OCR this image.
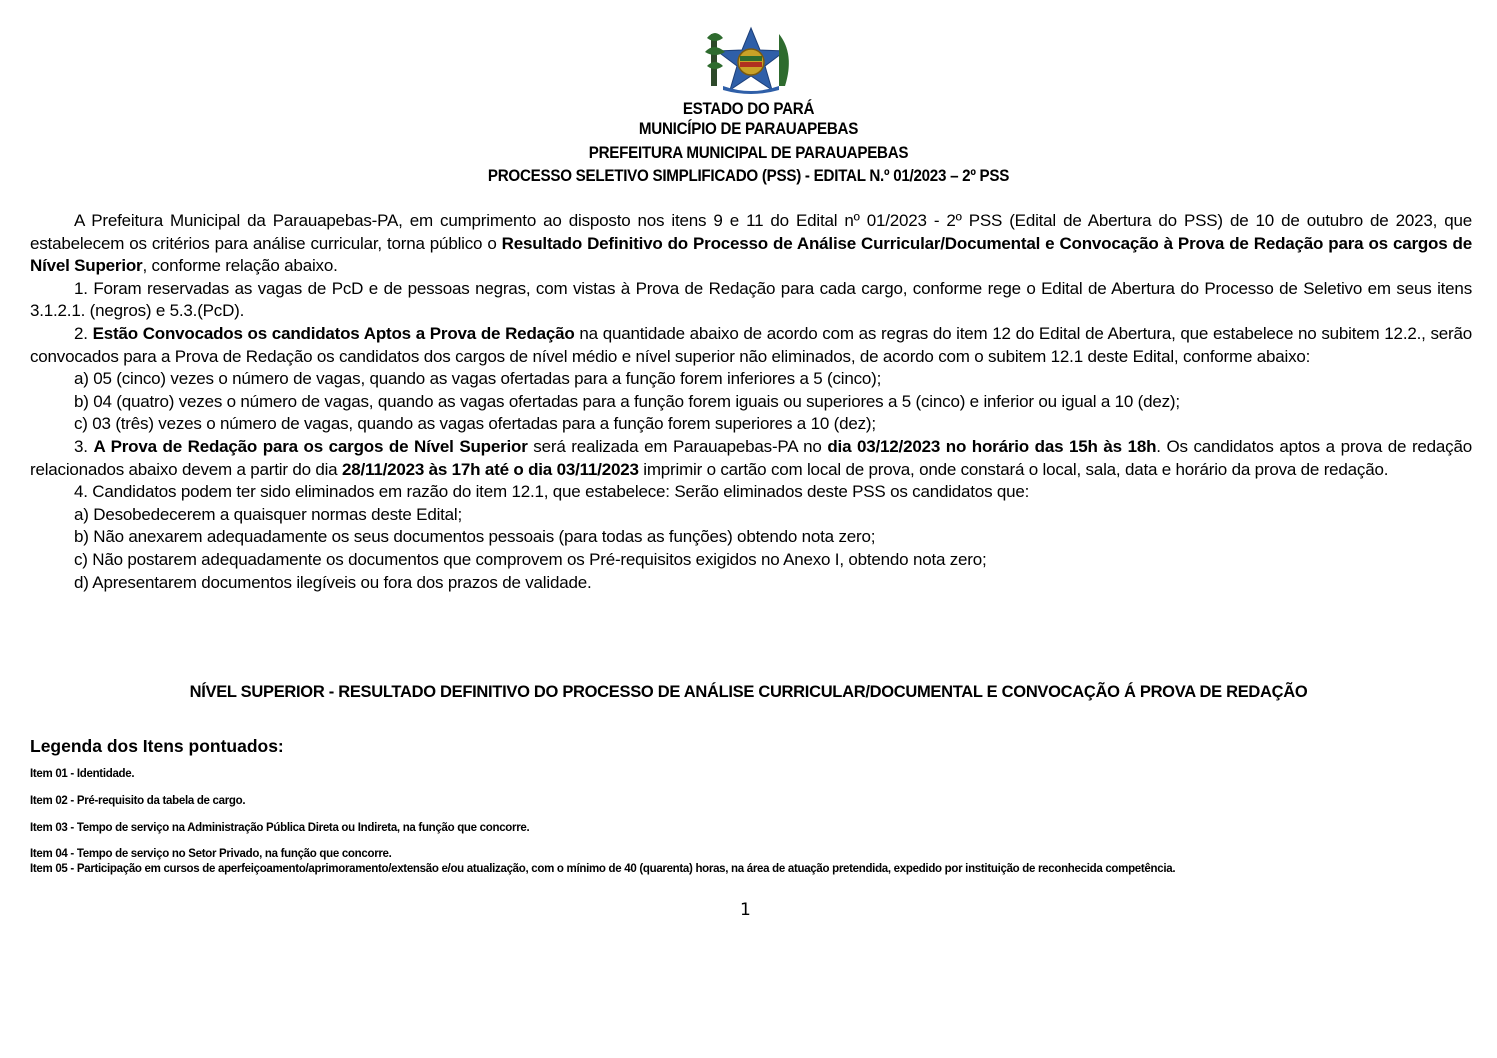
ESTADO DO PARÁ
MUNICÍPIO DE PARAUAPEBAS
PREFEITURA MUNICIPAL DE PARAUAPEBAS
PROCESSO SELETIVO SIMPLIFICADO (PSS) - EDITAL N.º 01/2023 – 2º PSS

A Prefeitura Municipal da Parauapebas-PA, em cumprimento ao disposto nos itens 9 e 11 do Edital nº 01/2023 - 2º PSS (Edital de Abertura do PSS) de 10 de outubro de 2023, que estabelecem os critérios para análise curricular, torna público o Resultado Definitivo do Processo de Análise Curricular/Documental e Convocação à Prova de Redação para os cargos de Nível Superior, conforme relação abaixo.

1. Foram reservadas as vagas de PcD e de pessoas negras, com vistas à Prova de Redação para cada cargo, conforme rege o Edital de Abertura do Processo de Seletivo em seus itens 3.1.2.1. (negros) e 5.3.(PcD).

2. Estão Convocados os candidatos Aptos a Prova de Redação na quantidade abaixo de acordo com as regras do item 12 do Edital de Abertura, que estabelece no subitem 12.2., serão convocados para a Prova de Redação os candidatos dos cargos de nível médio e nível superior não eliminados, de acordo com o subitem 12.1 deste Edital, conforme abaixo:

a) 05 (cinco) vezes o número de vagas, quando as vagas ofertadas para a função forem inferiores a 5 (cinco);

b) 04 (quatro) vezes o número de vagas, quando as vagas ofertadas para a função forem iguais ou superiores a 5 (cinco) e inferior ou igual a 10 (dez);

c) 03 (três) vezes o número de vagas, quando as vagas ofertadas para a função forem superiores a 10 (dez);

3. A Prova de Redação para os cargos de Nível Superior será realizada em Parauapebas-PA no dia 03/12/2023 no horário das 15h às 18h. Os candidatos aptos a prova de redação relacionados abaixo devem a partir do dia 28/11/2023 às 17h até o dia 03/11/2023 imprimir o cartão com local de prova, onde constará o local, sala, data e horário da prova de redação.

4. Candidatos podem ter sido eliminados em razão do item 12.1, que estabelece: Serão eliminados deste PSS os candidatos que:

a) Desobedecerem a quaisquer normas deste Edital;

b) Não anexarem adequadamente os seus documentos pessoais (para todas as funções) obtendo nota zero;

c) Não postarem adequadamente os documentos que comprovem os Pré-requisitos exigidos no Anexo I, obtendo nota zero;

d) Apresentarem documentos ilegíveis ou fora dos prazos de validade.

NÍVEL SUPERIOR - RESULTADO DEFINITIVO DO PROCESSO DE ANÁLISE CURRICULAR/DOCUMENTAL E CONVOCAÇÃO Á PROVA DE REDAÇÃO
Legenda dos Itens pontuados:
Item 01 - Identidade.
Item 02 - Pré-requisito da tabela de cargo.
Item 03 - Tempo de serviço na Administração Pública Direta ou Indireta, na função que concorre.
Item 04 - Tempo de serviço no Setor Privado, na função que concorre.
Item 05 - Participação em cursos de aperfeiçoamento/aprimoramento/extensão e/ou atualização, com o mínimo de 40 (quarenta) horas, na área de atuação pretendida, expedido por instituição de reconhecida competência.
1
